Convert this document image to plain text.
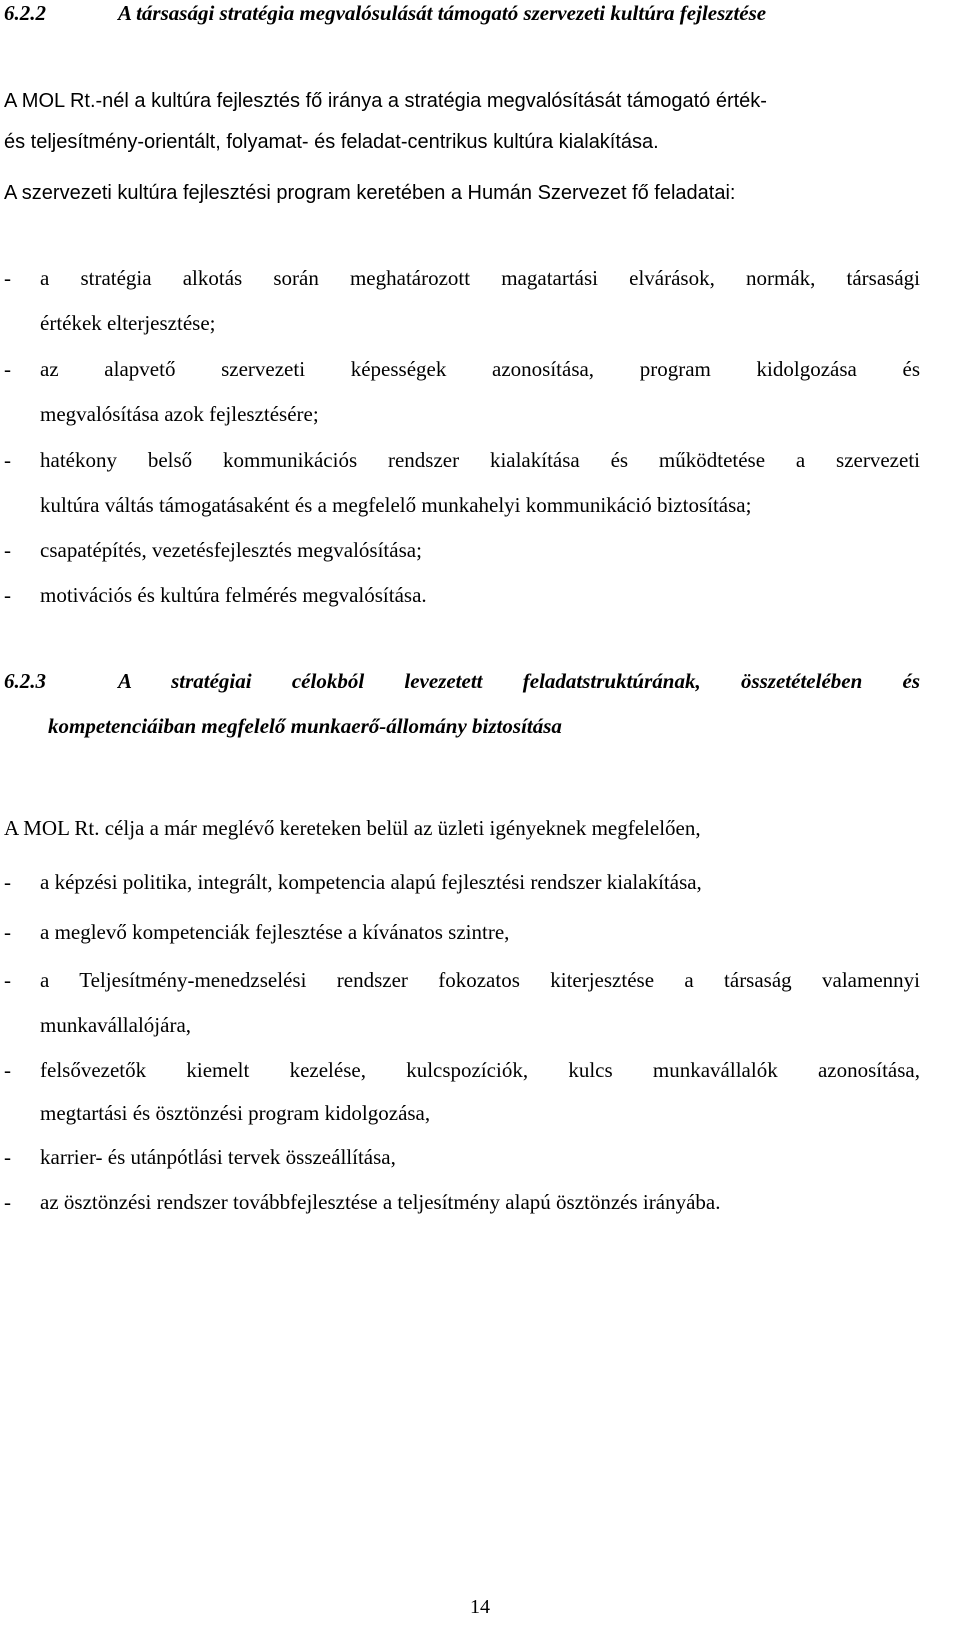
6.2.2	A társasági stratégia megvalósulását támogató szervezeti kultúra fejlesztése
A MOL Rt.-nél a kultúra fejlesztés fő iránya a stratégia megvalósítását támogató érték-
és teljesítmény-orientált, folyamat- és feladat-centrikus kultúra kialakítása.
A szervezeti kultúra fejlesztési program keretében a Humán Szervezet fő feladatai:
- a stratégia alkotás során meghatározott magatartási elvárások, normák, társasági
értékek elterjesztése;
- az alapvető szervezeti képességek azonosítása, program kidolgozása és
megvalósítása azok fejlesztésére;
- hatékony belső kommunikációs rendszer kialakítása és működtetése a szervezeti
kultúra váltás támogatásaként és a megfelelő munkahelyi kommunikáció biztosítása;
- csapatépítés, vezetésfejlesztés megvalósítása;
- motivációs és kultúra felmérés megvalósítása.
6.2.3	A stratégiai célokból levezetett feladatstruktúrának, összetételében és
kompetenciáiban megfelelő munkaerő-állomány biztosítása
A MOL Rt. célja a már meglévő kereteken belül az üzleti igényeknek megfelelően,
- a képzési politika, integrált, kompetencia alapú fejlesztési rendszer kialakítása,
- a meglevő kompetenciák fejlesztése a kívánatos szintre,
- a Teljesítmény-menedzselési rendszer fokozatos kiterjesztése a társaság valamennyi
munkavállalójára,
- felsővezetők kiemelt kezelése, kulcspozíciók, kulcs munkavállalók azonosítása,
megtartási és ösztönzési program kidolgozása,
- karrier- és utánpótlási tervek összeállítása,
- az ösztönzési rendszer továbbfejlesztése a teljesítmény alapú ösztönzés irányába.
14
